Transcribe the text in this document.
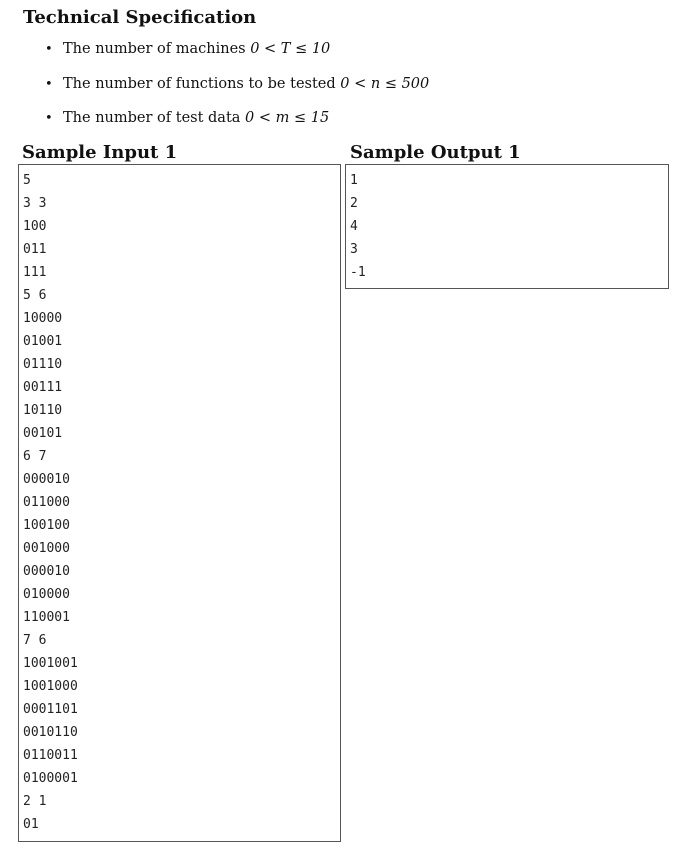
Technical Specification
• The number of machines 0 < T ≤ 10
• The number of functions to be tested 0 < n ≤ 500
• The number of test data 0 < m ≤ 15
Sample Input 1	Sample Output 1
5
3 3
100
011
111
5 6
10000
01001
01110
00111
10110
00101
6 7
000010
011000
100100
001000
000010
010000
110001
7 6
1001001
1001000
0001101
0010110
0110011
0100001
2 1
01
1
2
4
3
-1
